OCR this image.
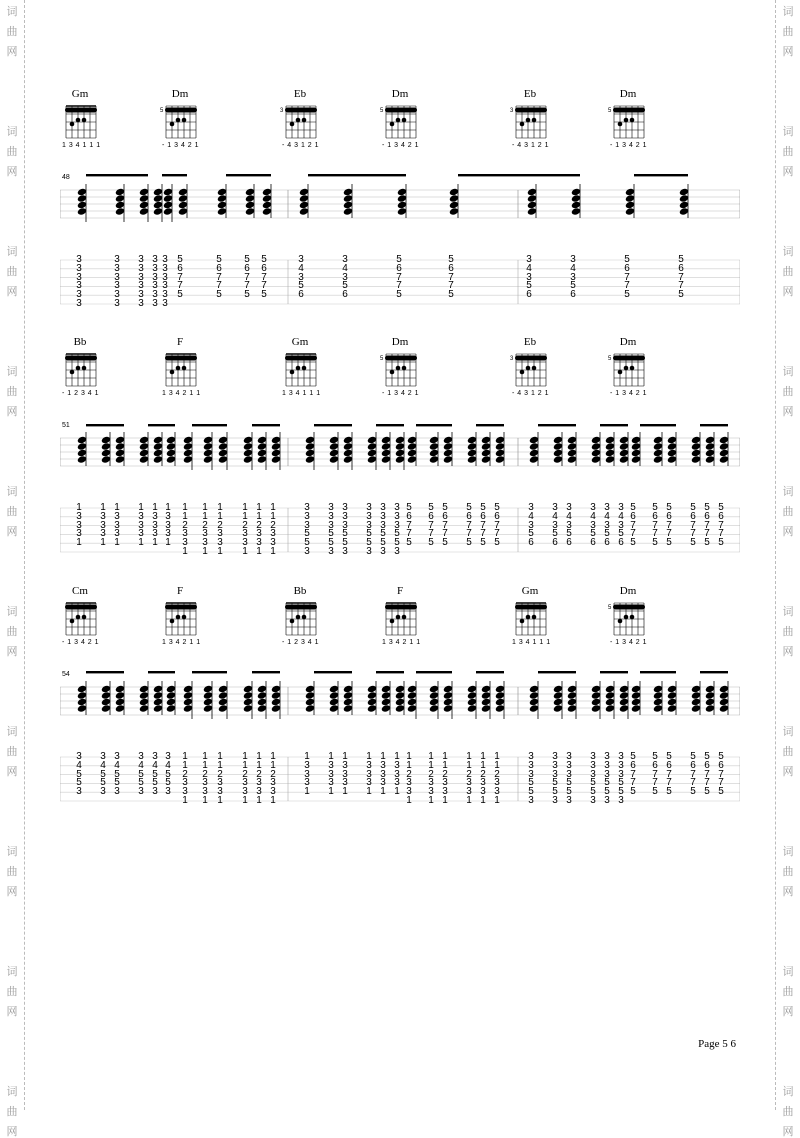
词
曲
网
词
曲
网
词
曲
网
词
曲
网
词
曲
网
词
曲
网
词
曲
网
词
曲
网
词
曲
网
词
曲
网
词
曲
网
词
曲
网
词
曲
网
词
曲
网
词
曲
网
词
曲
网
词
曲
网
词
曲
网
词
曲
网
词
曲
网
Gm
1 3 4 1 1 1
Dm
5
- 1 3 4 2 1
Eb
3
- 4 3 1 2 1
Dm
5
- 1 3 4 2 1
Eb
3
- 4 3 1 2 1
Dm
5
- 1 3 4 2 1
48
3
3
3
3
3
3
3
3
3
3
3
3
3
3
3
3
3
3
3
3
3
3
3
3
3
3
3
3
3
3
5
6
7
7
5
5
6
7
7
5
5
6
7
7
5
5
6
7
7
5
3
4
3
5
6
3
4
3
5
6
5
6
7
7
5
5
6
7
7
5
3
4
3
5
6
3
4
3
5
6
5
6
7
7
5
5
6
7
7
5
Bb
- 1 2 3 4 1
F
1 3 4 2 1 1
Gm
1 3 4 1 1 1
Dm
5
- 1 3 4 2 1
Eb
3
- 4 3 1 2 1
Dm
5
- 1 3 4 2 1
51
1
3
3
3
1
1
3
3
3
1
1
3
3
3
1
1
3
3
3
1
1
3
3
3
1
1
3
3
3
1
1
1
2
3
3
1
1
1
2
3
3
1
1
1
2
3
3
1
1
1
2
3
3
1
1
1
2
3
3
1
1
1
2
3
3
1
3
3
3
5
5
3
3
3
3
5
5
3
3
3
3
5
5
3
3
3
3
5
5
3
3
3
3
5
5
3
3
3
3
5
5
3
5
6
7
7
5
5
6
7
7
5
5
6
7
7
5
5
6
7
7
5
5
6
7
7
5
5
6
7
7
5
3
4
3
5
6
3
4
3
5
6
3
4
3
5
6
3
4
3
5
6
3
4
3
5
6
3
4
3
5
6
5
6
7
7
5
5
6
7
7
5
5
6
7
7
5
5
6
7
7
5
5
6
7
7
5
5
6
7
7
5
Cm
- 1 3 4 2 1
F
1 3 4 2 1 1
Bb
- 1 2 3 4 1
F
1 3 4 2 1 1
Gm
1 3 4 1 1 1
Dm
5
- 1 3 4 2 1
54
3
4
5
5
3
3
4
5
5
3
3
4
5
5
3
3
4
5
5
3
3
4
5
5
3
3
4
5
5
3
1
1
2
3
3
1
1
1
2
3
3
1
1
1
2
3
3
1
1
1
2
3
3
1
1
1
2
3
3
1
1
1
2
3
3
1
1
3
3
3
1
1
3
3
3
1
1
3
3
3
1
1
3
3
3
1
1
3
3
3
1
1
3
3
3
1
1
1
2
3
3
1
1
1
2
3
3
1
1
1
2
3
3
1
1
1
2
3
3
1
1
1
2
3
3
1
1
1
2
3
3
1
3
3
3
5
5
3
3
3
3
5
5
3
3
3
3
5
5
3
3
3
3
5
5
3
3
3
3
5
5
3
3
3
3
5
5
3
5
6
7
7
5
5
6
7
7
5
5
6
7
7
5
5
6
7
7
5
5
6
7
7
5
5
6
7
7
5
Page 5 6
